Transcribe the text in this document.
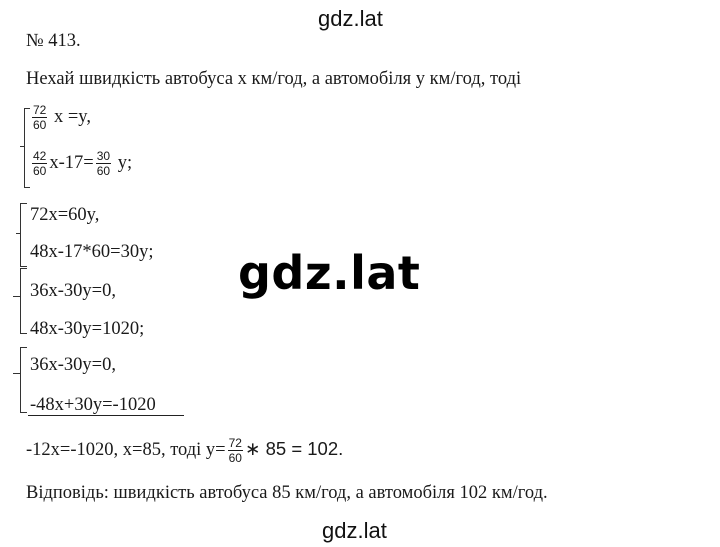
gdz.lat
gdz.lat
gdz.lat
№ 413.
Нехай швидкість автобуса x км/год, а автомобіля y км/год, тоді
$\frac{72}{60}$ x =y,
$\frac{42}{60} x-17= \frac{30}{60} y$;
72x=60y,
48x-17*60=30y;
36x-30y=0,
48x-30y=1020;
36x-30y=0,
-48x+30y=-1020
-12x=-1020, x=85, тоді $y= \frac{72}{60}$ ∗ 85 = 102.
Відповідь: швидкість автобуса 85 км/год, а автомобіля 102 км/год.
